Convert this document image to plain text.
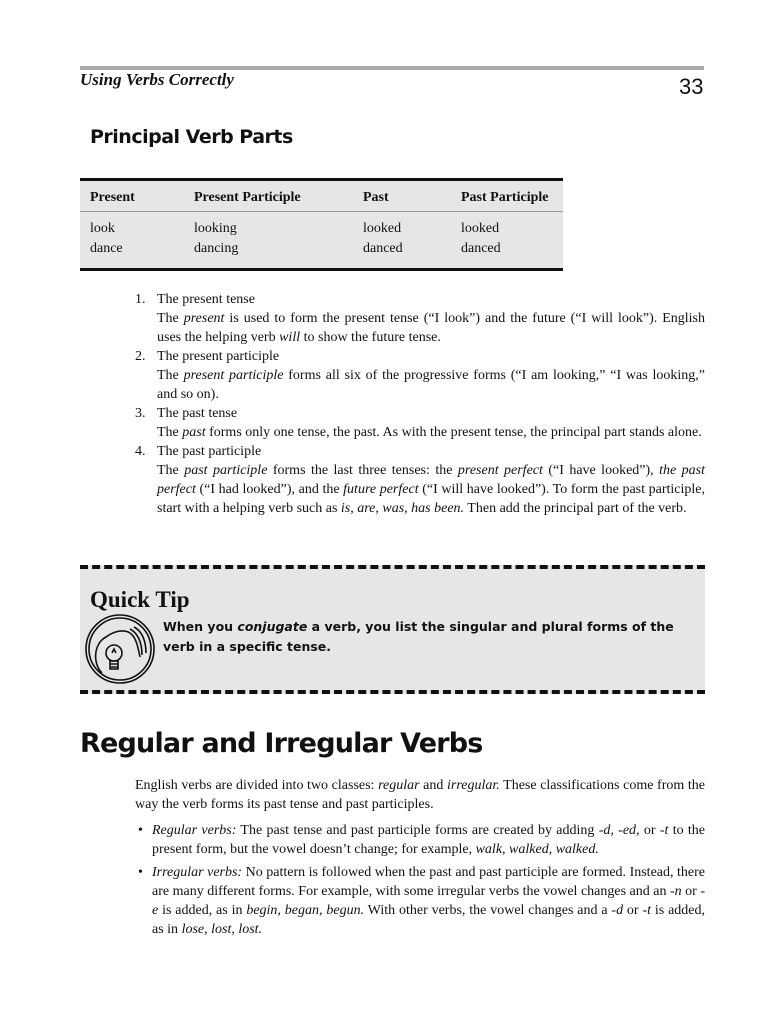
Using Verbs Correctly	33
Principal Verb Parts
Present	Present Participle	Past	Past Participle
look	looking	looked	looked
dance	dancing	danced	danced
1. The present tense

The present is used to form the present tense (“I look”) and the future (“I will look”). English uses the helping verb will to show the future tense.

2. The present participle

The present participle forms all six of the progressive forms (“I am looking,” “I was looking,” and so on).

3. The past tense

The past forms only one tense, the past. As with the present tense, the principal part stands alone.

4. The past participle

The past participle forms the last three tenses: the present perfect (“I have looked”), the past perfect (“I had looked”), and the future perfect (“I will have looked”). To form the past participle, start with a helping verb such as is, are, was, has been. Then add the principal part of the verb.

Quick Tip
When you conjugate a verb, you list the singular and plural forms of the verb in a specific tense.
Regular and Irregular Verbs

English verbs are divided into two classes: regular and irregular. These classifications come from the way the verb forms its past tense and past participles.

• Regular verbs: The past tense and past participle forms are created by adding -d, -ed, or -t to the present form, but the vowel doesn’t change; for example, walk, walked, walked.
• Irregular verbs: No pattern is followed when the past and past participle are formed. Instead, there are many different forms. For example, with some irregular verbs the vowel changes and an -n or -e is added, as in begin, began, begun. With other verbs, the vowel changes and a -d or -t is added, as in lose, lost, lost.
